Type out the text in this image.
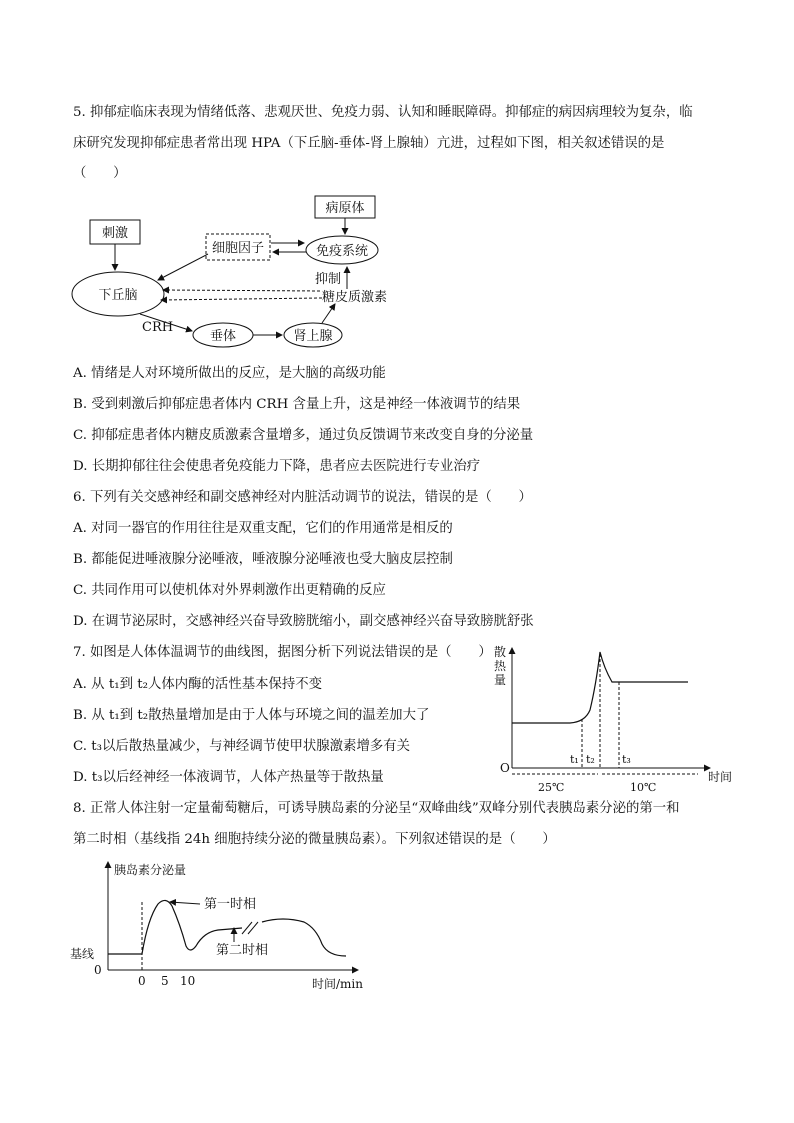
5. 抑郁症临床表现为情绪低落、悲观厌世、免疫力弱、认知和睡眠障碍。抑郁症的病因病理较为复杂，临
床研究发现抑郁症患者常出现 HPA（下丘脑-垂体-肾上腺轴）亢进，过程如下图，相关叙述错误的是
（　　）
刺激
病原体
细胞因子	免疫系统
下丘脑
垂体	肾上腺
抑制
糖皮质激素
CRH
A. 情绪是人对环境所做出的反应，是大脑的高级功能
B. 受到刺激后抑郁症患者体内 CRH 含量上升，这是神经一体液调节的结果
C. 抑郁症患者体内糖皮质激素含量增多，通过负反馈调节来改变自身的分泌量
D. 长期抑郁往往会使患者免疫能力下降，患者应去医院进行专业治疗
6. 下列有关交感神经和副交感神经对内脏活动调节的说法，错误的是（　　）
A. 对同一器官的作用往往是双重支配，它们的作用通常是相反的
B. 都能促进唾液腺分泌唾液，唾液腺分泌唾液也受大脑皮层控制
C. 共同作用可以使机体对外界刺激作出更精确的反应
D. 在调节泌尿时，交感神经兴奋导致膀胱缩小，副交感神经兴奋导致膀胱舒张
7. 如图是人体体温调节的曲线图，据图分析下列说法错误的是（　　）
A. 从 t₁到 t₂人体内酶的活性基本保持不变
B. 从 t₁到 t₂散热量增加是由于人体与环境之间的温差加大了
C. t₃以后散热量减少，与神经调节使甲状腺激素增多有关
D. t₃以后经神经一体液调节，人体产热量等于散热量
散热量
O
时间
t₁ t₂ t₃
25℃	10℃
8. 正常人体注射一定量葡萄糖后，可诱导胰岛素的分泌呈“双峰曲线”双峰分别代表胰岛素分泌的第一和
第二时相（基线指 24h 细胞持续分泌的微量胰岛素）。下列叙述错误的是（　　）
胰岛素分泌量
基线
0
0 5 10	时间/min
第一时相
第二时相
